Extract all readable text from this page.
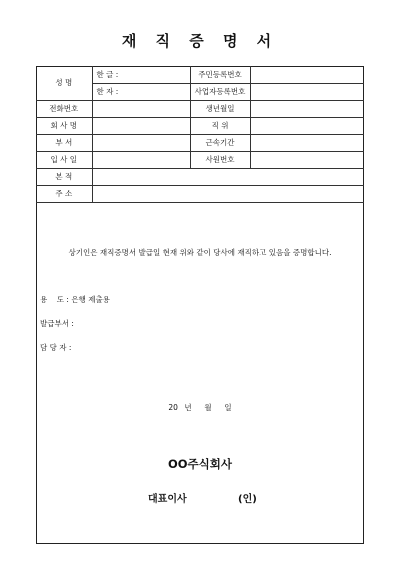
재 직 증 명 서
성 명	한 글 :	주민등록번호	
	한 자 :	사업자등록번호	
전화번호		생년월일	
회 사 명		직 위	
부 서		근속기간	
입 사 일		사원번호	
본 적			
주 소			
상기인은 재직증명서 발급일 현재 위와 같이 당사에 재직하고 있음을 증명합니다.
용    도 : 은행 제출용
발급부서 :
담 당 자 :
20 년  월  일
OO주식회사
대표이사	(인)
